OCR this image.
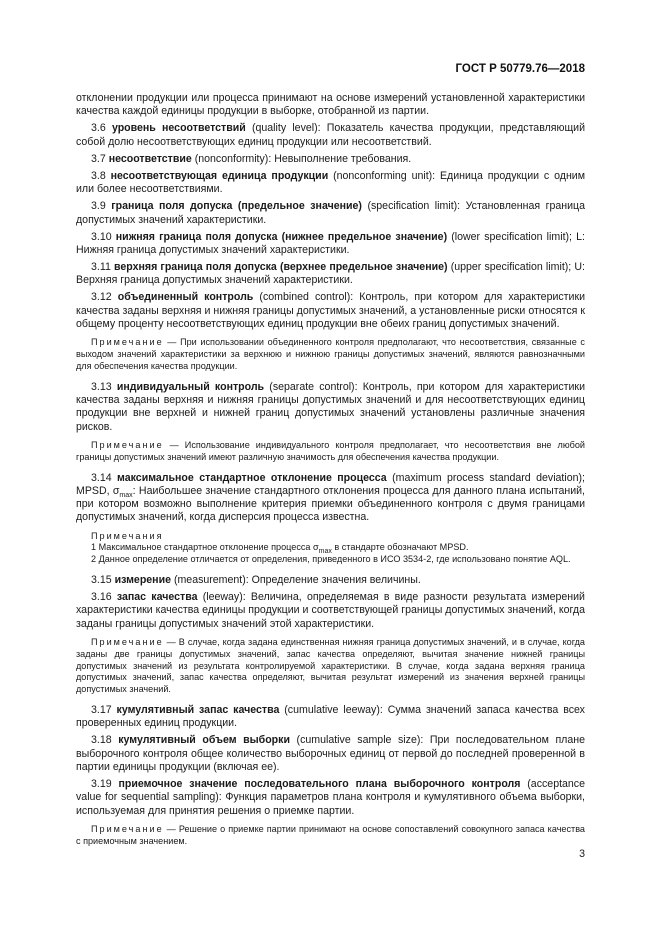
ГОСТ Р 50779.76—2018

отклонении продукции или процесса принимают на основе измерений установленной характеристики качества каждой единицы продукции в выборке, отобранной из партии.

3.6 уровень несоответствий (quality level): Показатель качества продукции, представляющий собой долю несоответствующих единиц продукции или несоответствий.

3.7 несоответствие (nonconformity): Невыполнение требования.

3.8 несоответствующая единица продукции (nonconforming unit): Единица продукции с одним или более несоответствиями.

3.9 граница поля допуска (предельное значение) (specification limit): Установленная граница допустимых значений характеристики.

3.10 нижняя граница поля допуска (нижнее предельное значение) (lower specification limit); L: Нижняя граница допустимых значений характеристики.

3.11 верхняя граница поля допуска (верхнее предельное значение) (upper specification limit); U: Верхняя граница допустимых значений характеристики.

3.12 объединенный контроль (combined control): Контроль, при котором для характеристики качества заданы верхняя и нижняя границы допустимых значений, а установленные риски относятся к общему проценту несоответствующих единиц продукции вне обеих границ допустимых значений.

Примечание — При использовании объединенного контроля предполагают, что несоответствия, связанные с выходом значений характеристики за верхнюю и нижнюю границы допустимых значений, являются равнозначными для обеспечения качества продукции.

3.13 индивидуальный контроль (separate control): Контроль, при котором для характеристики качества заданы верхняя и нижняя границы допустимых значений и для несоответствующих единиц продукции вне верхней и нижней границ допустимых значений установлены различные значения рисков.

Примечание — Использование индивидуального контроля предполагает, что несоответствия вне любой границы допустимых значений имеют различную значимость для обеспечения качества продукции.

3.14 максимальное стандартное отклонение процесса (maximum process standard deviation); MPSD, $\sigma_{max}$: Наибольшее значение стандартного отклонения процесса для данного плана испытаний, при котором возможно выполнение критерия приемки объединенного контроля с двумя границами допустимых значений, когда дисперсия процесса известна.

Примечания
1 Максимальное стандартное отклонение процесса $\sigma_{max}$ в стандарте обозначают MPSD.
2 Данное определение отличается от определения, приведенного в ИСО 3534-2, где использовано понятие AQL.

3.15 измерение (measurement): Определение значения величины.

3.16 запас качества (leeway): Величина, определяемая в виде разности результата измерений характеристики качества единицы продукции и соответствующей границы допустимых значений, когда заданы границы допустимых значений этой характеристики.

Примечание — В случае, когда задана единственная нижняя граница допустимых значений, и в случае, когда заданы две границы допустимых значений, запас качества определяют, вычитая значение нижней границы допустимых значений из результата контролируемой характеристики. В случае, когда задана верхняя граница допустимых значений, запас качества определяют, вычитая результат измерений из значения верхней границы допустимых значений.

3.17 кумулятивный запас качества (cumulative leeway): Сумма значений запаса качества всех проверенных единиц продукции.

3.18 кумулятивный объем выборки (cumulative sample size): При последовательном плане выборочного контроля общее количество выборочных единиц от первой до последней проверенной в партии единицы продукции (включая ее).

3.19 приемочное значение последовательного плана выборочного контроля (acceptance value for sequential sampling): Функция параметров плана контроля и кумулятивного объема выборки, используемая для принятия решения о приемке партии.

Примечание — Решение о приемке партии принимают на основе сопоставлений совокупного запаса качества с приемочным значением.

3
